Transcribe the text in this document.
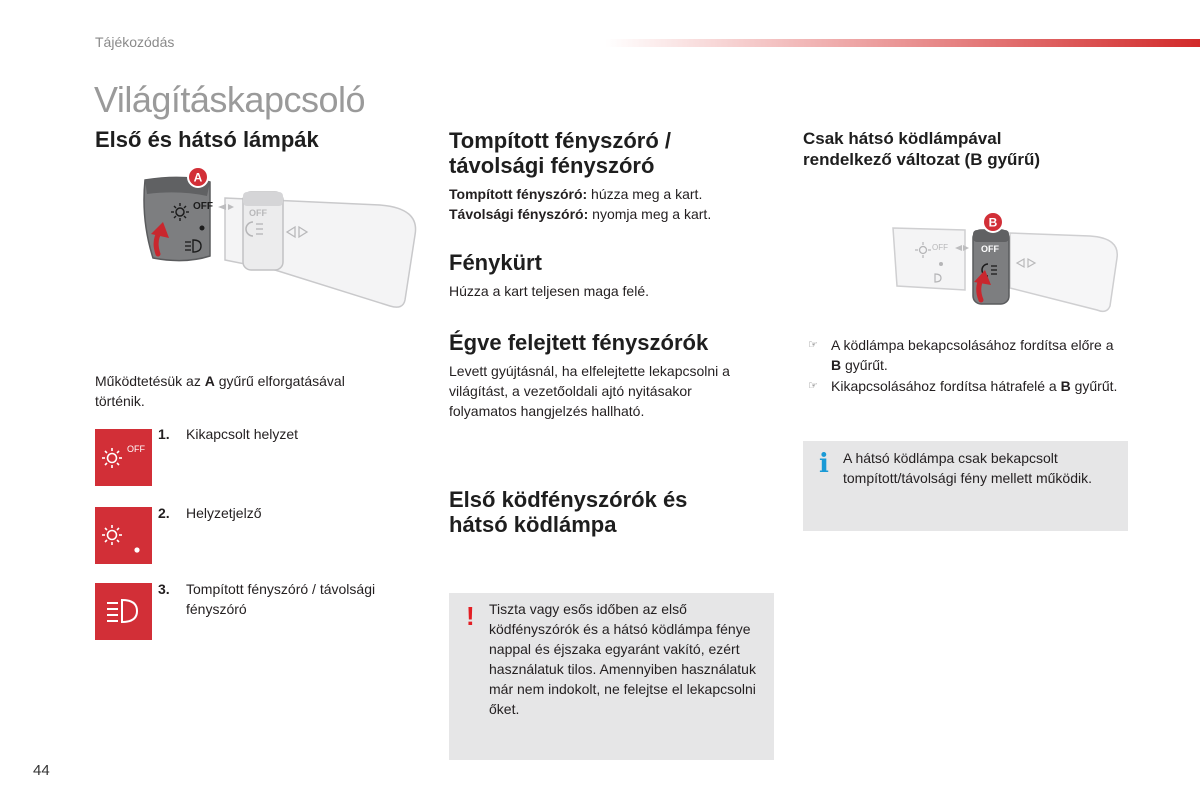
Tájékozódás
Világításkapcsoló
Első és hátsó lámpák
A
OFF
OFF
Működtetésük az A gyűrű elforgatásával történik.
OFF
1. Kikapcsolt helyzet
2. Helyzetjelző
3. Tompított fényszóró / távolsági fényszóró
Tompított fényszóró / távolsági fényszóró
Tompított fényszóró: húzza meg a kart.
Távolsági fényszóró: nyomja meg a kart.
Fénykürt
Húzza a kart teljesen maga felé.
Égve felejtett fényszórók
Levett gyújtásnál, ha elfelejtette lekapcsolni a világítást, a vezetőoldali ajtó nyitásakor folyamatos hangjelzés hallható.
Első ködfényszórók és hátsó ködlámpa
! Tiszta vagy esős időben az első ködfényszórók és a hátsó ködlámpa fénye nappal és éjszaka egyaránt vakító, ezért használatuk tilos. Amennyiben használatuk már nem indokolt, ne felejtse el lekapcsolni őket.
Csak hátsó ködlámpával rendelkező változat (B gyűrű)
B
OFF
OFF
☞ A ködlámpa bekapcsolásához fordítsa előre a B gyűrűt.
☞ Kikapcsolásához fordítsa hátrafelé a B gyűrűt.
i A hátsó ködlámpa csak bekapcsolt tompított/távolsági fény mellett működik.
44
